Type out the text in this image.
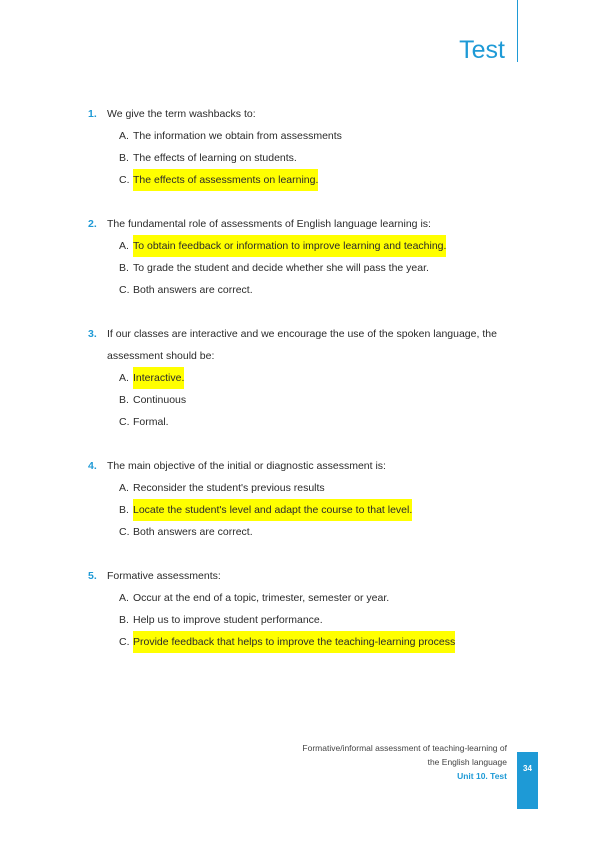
Test
1. We give the term washbacks to:
A. The information we obtain from assessments
B. The effects of learning on students.
C. The effects of assessments on learning.
2. The fundamental role of assessments of English language learning is:
A. To obtain feedback or information to improve learning and teaching.
B. To grade the student and decide whether she will pass the year.
C. Both answers are correct.
3. If our classes are interactive and we encourage the use of the spoken language, the assessment should be:
A. Interactive.
B. Continuous
C. Formal.
4. The main objective of the initial or diagnostic assessment is:
A. Reconsider the student's previous results
B. Locate the student's level and adapt the course to that level.
C. Both answers are correct.
5. Formative assessments:
A. Occur at the end of a topic, trimester, semester or year.
B. Help us to improve student performance.
C. Provide feedback that helps to improve the teaching-learning process
Formative/informal assessment of teaching-learning of
the English language
Unit 10. Test
34
